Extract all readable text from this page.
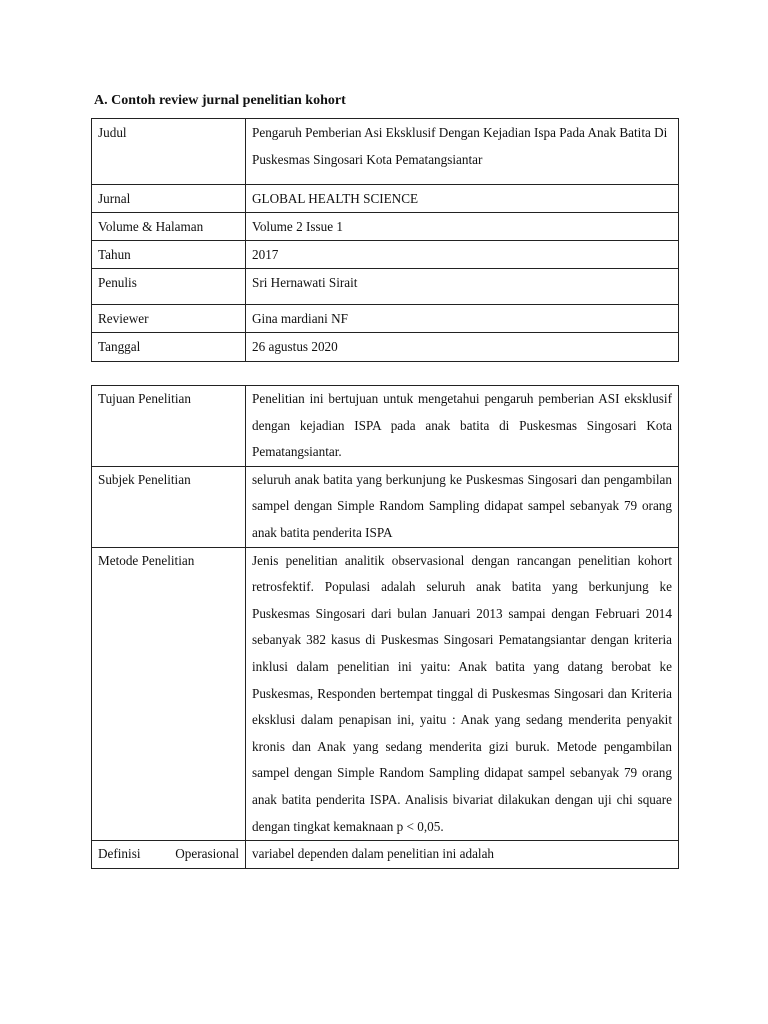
A. Contoh review jurnal penelitian kohort
Judul	Pengaruh Pemberian Asi Eksklusif Dengan Kejadian Ispa Pada Anak Batita Di Puskesmas Singosari Kota Pematangsiantar
Jurnal	GLOBAL HEALTH SCIENCE
Volume & Halaman	Volume 2 Issue 1
Tahun	2017
Penulis	Sri Hernawati Sirait
Reviewer	Gina mardiani NF
Tanggal	26 agustus 2020
Tujuan Penelitian	Penelitian ini bertujuan untuk mengetahui pengaruh pemberian ASI eksklusif dengan kejadian ISPA pada anak batita di Puskesmas Singosari Kota Pematangsiantar.
Subjek Penelitian	seluruh anak batita yang berkunjung ke Puskesmas Singosari dan pengambilan sampel dengan Simple Random Sampling didapat sampel sebanyak 79 orang anak batita penderita ISPA
Metode Penelitian	Jenis penelitian analitik observasional dengan rancangan penelitian kohort retrosfektif. Populasi adalah seluruh anak batita yang berkunjung ke Puskesmas Singosari dari bulan Januari 2013 sampai dengan Februari 2014 sebanyak 382 kasus di Puskesmas Singosari Pematangsiantar dengan kriteria inklusi dalam penelitian ini yaitu: Anak batita yang datang berobat ke Puskesmas, Responden bertempat tinggal di Puskesmas Singosari dan Kriteria eksklusi dalam penapisan ini, yaitu : Anak yang sedang menderita penyakit kronis dan Anak yang sedang menderita gizi buruk. Metode pengambilan sampel dengan Simple Random Sampling didapat sampel sebanyak 79 orang anak batita penderita ISPA. Analisis bivariat dilakukan dengan uji chi square dengan tingkat kemaknaan p < 0,05.

Definisi Operasional	variabel dependen dalam penelitian ini adalah
